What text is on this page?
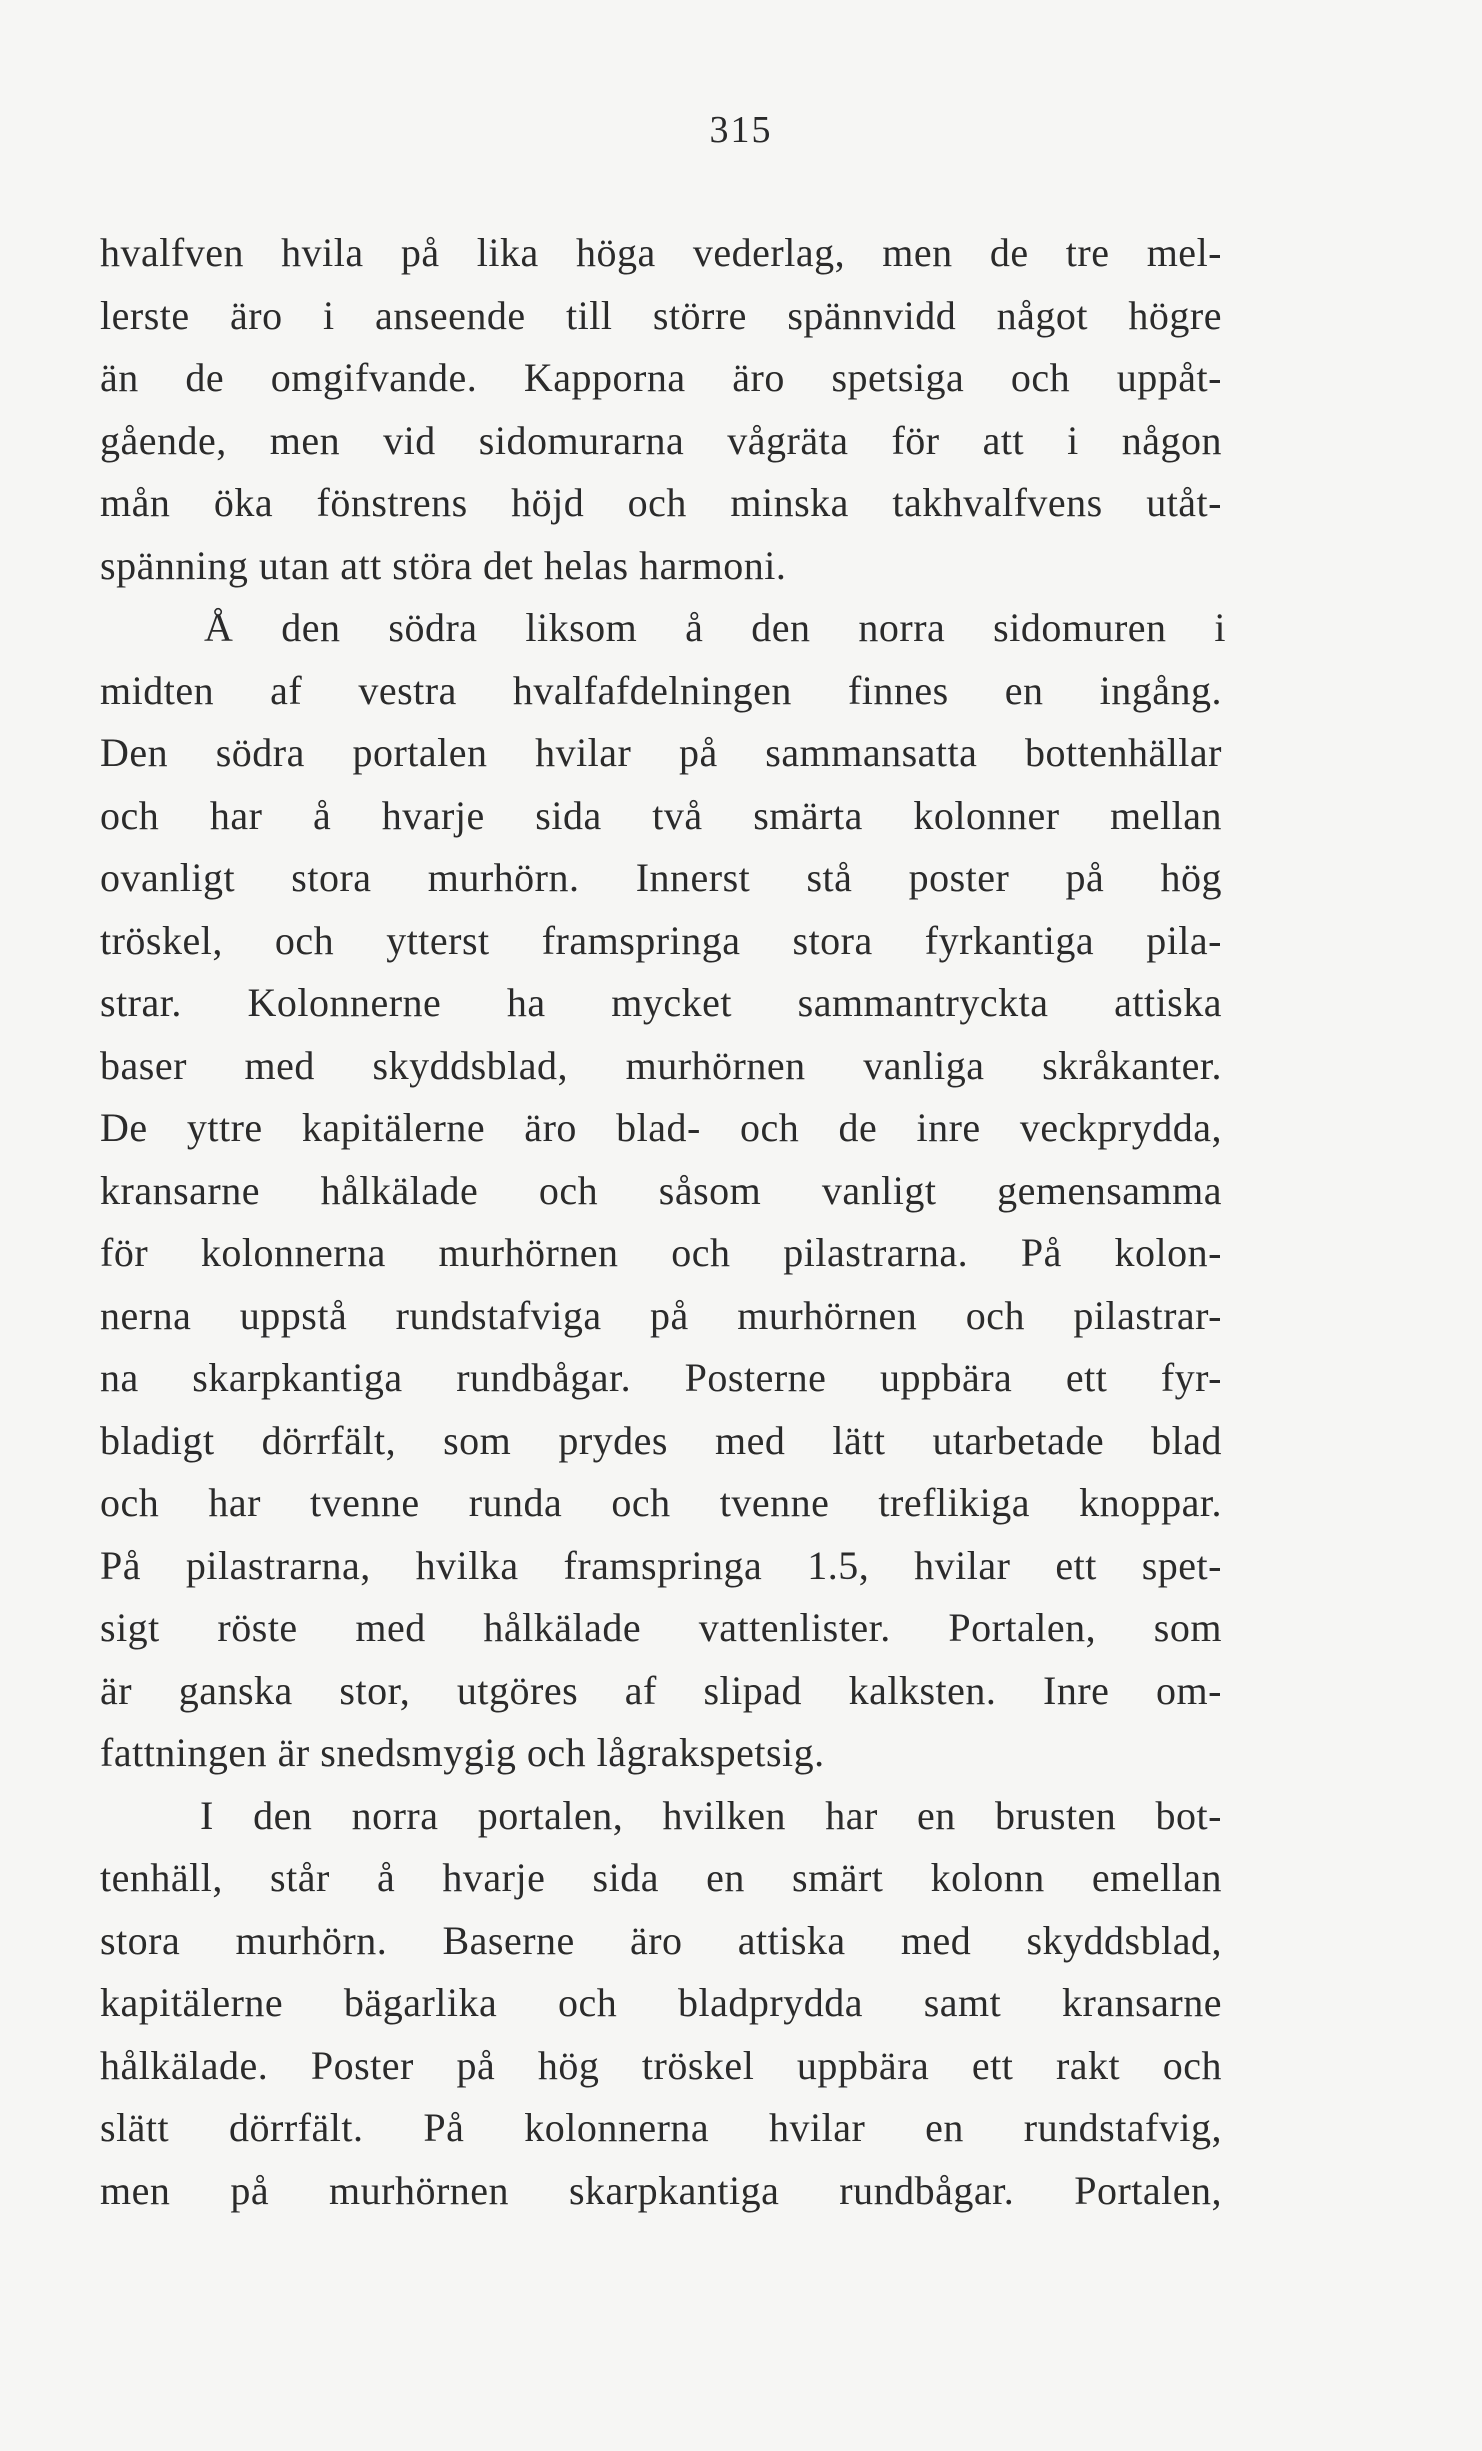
315
hvalfven hvila på lika höga vederlag, men de tre mel-
lerste äro i anseende till större spännvidd något högre
än de omgifvande. Kapporna äro spetsiga och uppåt-
gående, men vid sidomurarna vågräta för att i någon
mån öka fönstrens höjd och minska takhvalfvens utåt-
spänning utan att störa det helas harmoni.
Å den södra liksom å den norra sidomuren i
midten af vestra hvalfafdelningen finnes en ingång.
Den södra portalen hvilar på sammansatta bottenhällar
och har å hvarje sida två smärta kolonner mellan
ovanligt stora murhörn. Innerst stå poster på hög
tröskel, och ytterst framspringa stora fyrkantiga pila-
strar. Kolonnerne ha mycket sammantryckta attiska
baser med skyddsblad, murhörnen vanliga skråkanter.
De yttre kapitälerne äro blad- och de inre veckprydda,
kransarne hålkälade och såsom vanligt gemensamma
för kolonnerna murhörnen och pilastrarna. På kolon-
nerna uppstå rundstafviga på murhörnen och pilastrar-
na skarpkantiga rundbågar. Posterne uppbära ett fyr-
bladigt dörrfält, som prydes med lätt utarbetade blad
och har tvenne runda och tvenne treflikiga knoppar.
På pilastrarna, hvilka framspringa 1.5, hvilar ett spet-
sigt röste med hålkälade vattenlister. Portalen, som
är ganska stor, utgöres af slipad kalksten. Inre om-
fattningen är snedsmygig och lågrakspetsig.
I den norra portalen, hvilken har en brusten bot-
tenhäll, står å hvarje sida en smärt kolonn emellan
stora murhörn. Baserne äro attiska med skyddsblad,
kapitälerne bägarlika och bladprydda samt kransarne
hålkälade. Poster på hög tröskel uppbära ett rakt och
slätt dörrfält. På kolonnerna hvilar en rundstafvig,
men på murhörnen skarpkantiga rundbågar. Portalen,
